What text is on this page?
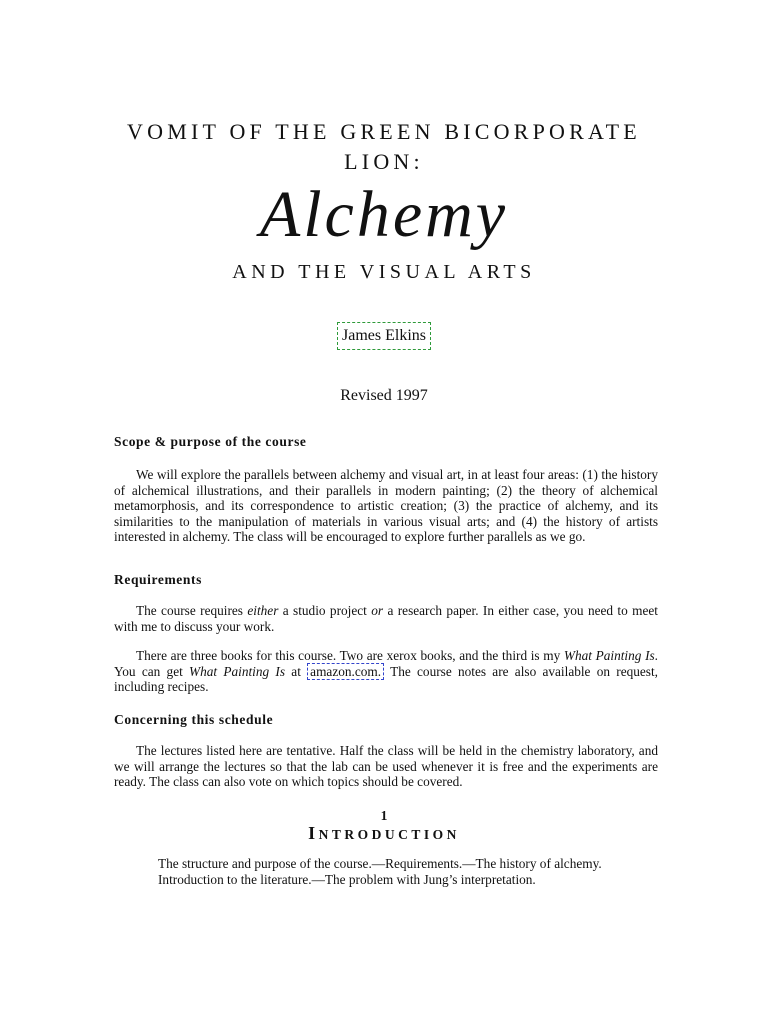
VOMIT OF THE GREEN BICORPORATE
LION:
Alchemy
AND THE VISUAL ARTS
James Elkins
Revised 1997
Scope & purpose of the course
We will explore the parallels between alchemy and visual art, in at least four areas: (1) the history of alchemical illustrations, and their parallels in modern painting; (2) the theory of alchemical metamorphosis, and its correspondence to artistic creation; (3) the practice of alchemy, and its similarities to the manipulation of materials in various visual arts; and (4) the history of artists interested in alchemy. The class will be encouraged to explore further parallels as we go.
Requirements
The course requires either a studio project or a research paper. In either case, you need to meet with me to discuss your work.
There are three books for this course. Two are xerox books, and the third is my What Painting Is. You can get What Painting Is at amazon.com. The course notes are also available on request, including recipes.
Concerning this schedule
The lectures listed here are tentative. Half the class will be held in the chemistry laboratory, and we will arrange the lectures so that the lab can be used whenever it is free and the experiments are ready. The class can also vote on which topics should be covered.
1
INTRODUCTION
The structure and purpose of the course.—Requirements.—The history of alchemy.
Introduction to the literature.—The problem with Jung’s interpretation.
